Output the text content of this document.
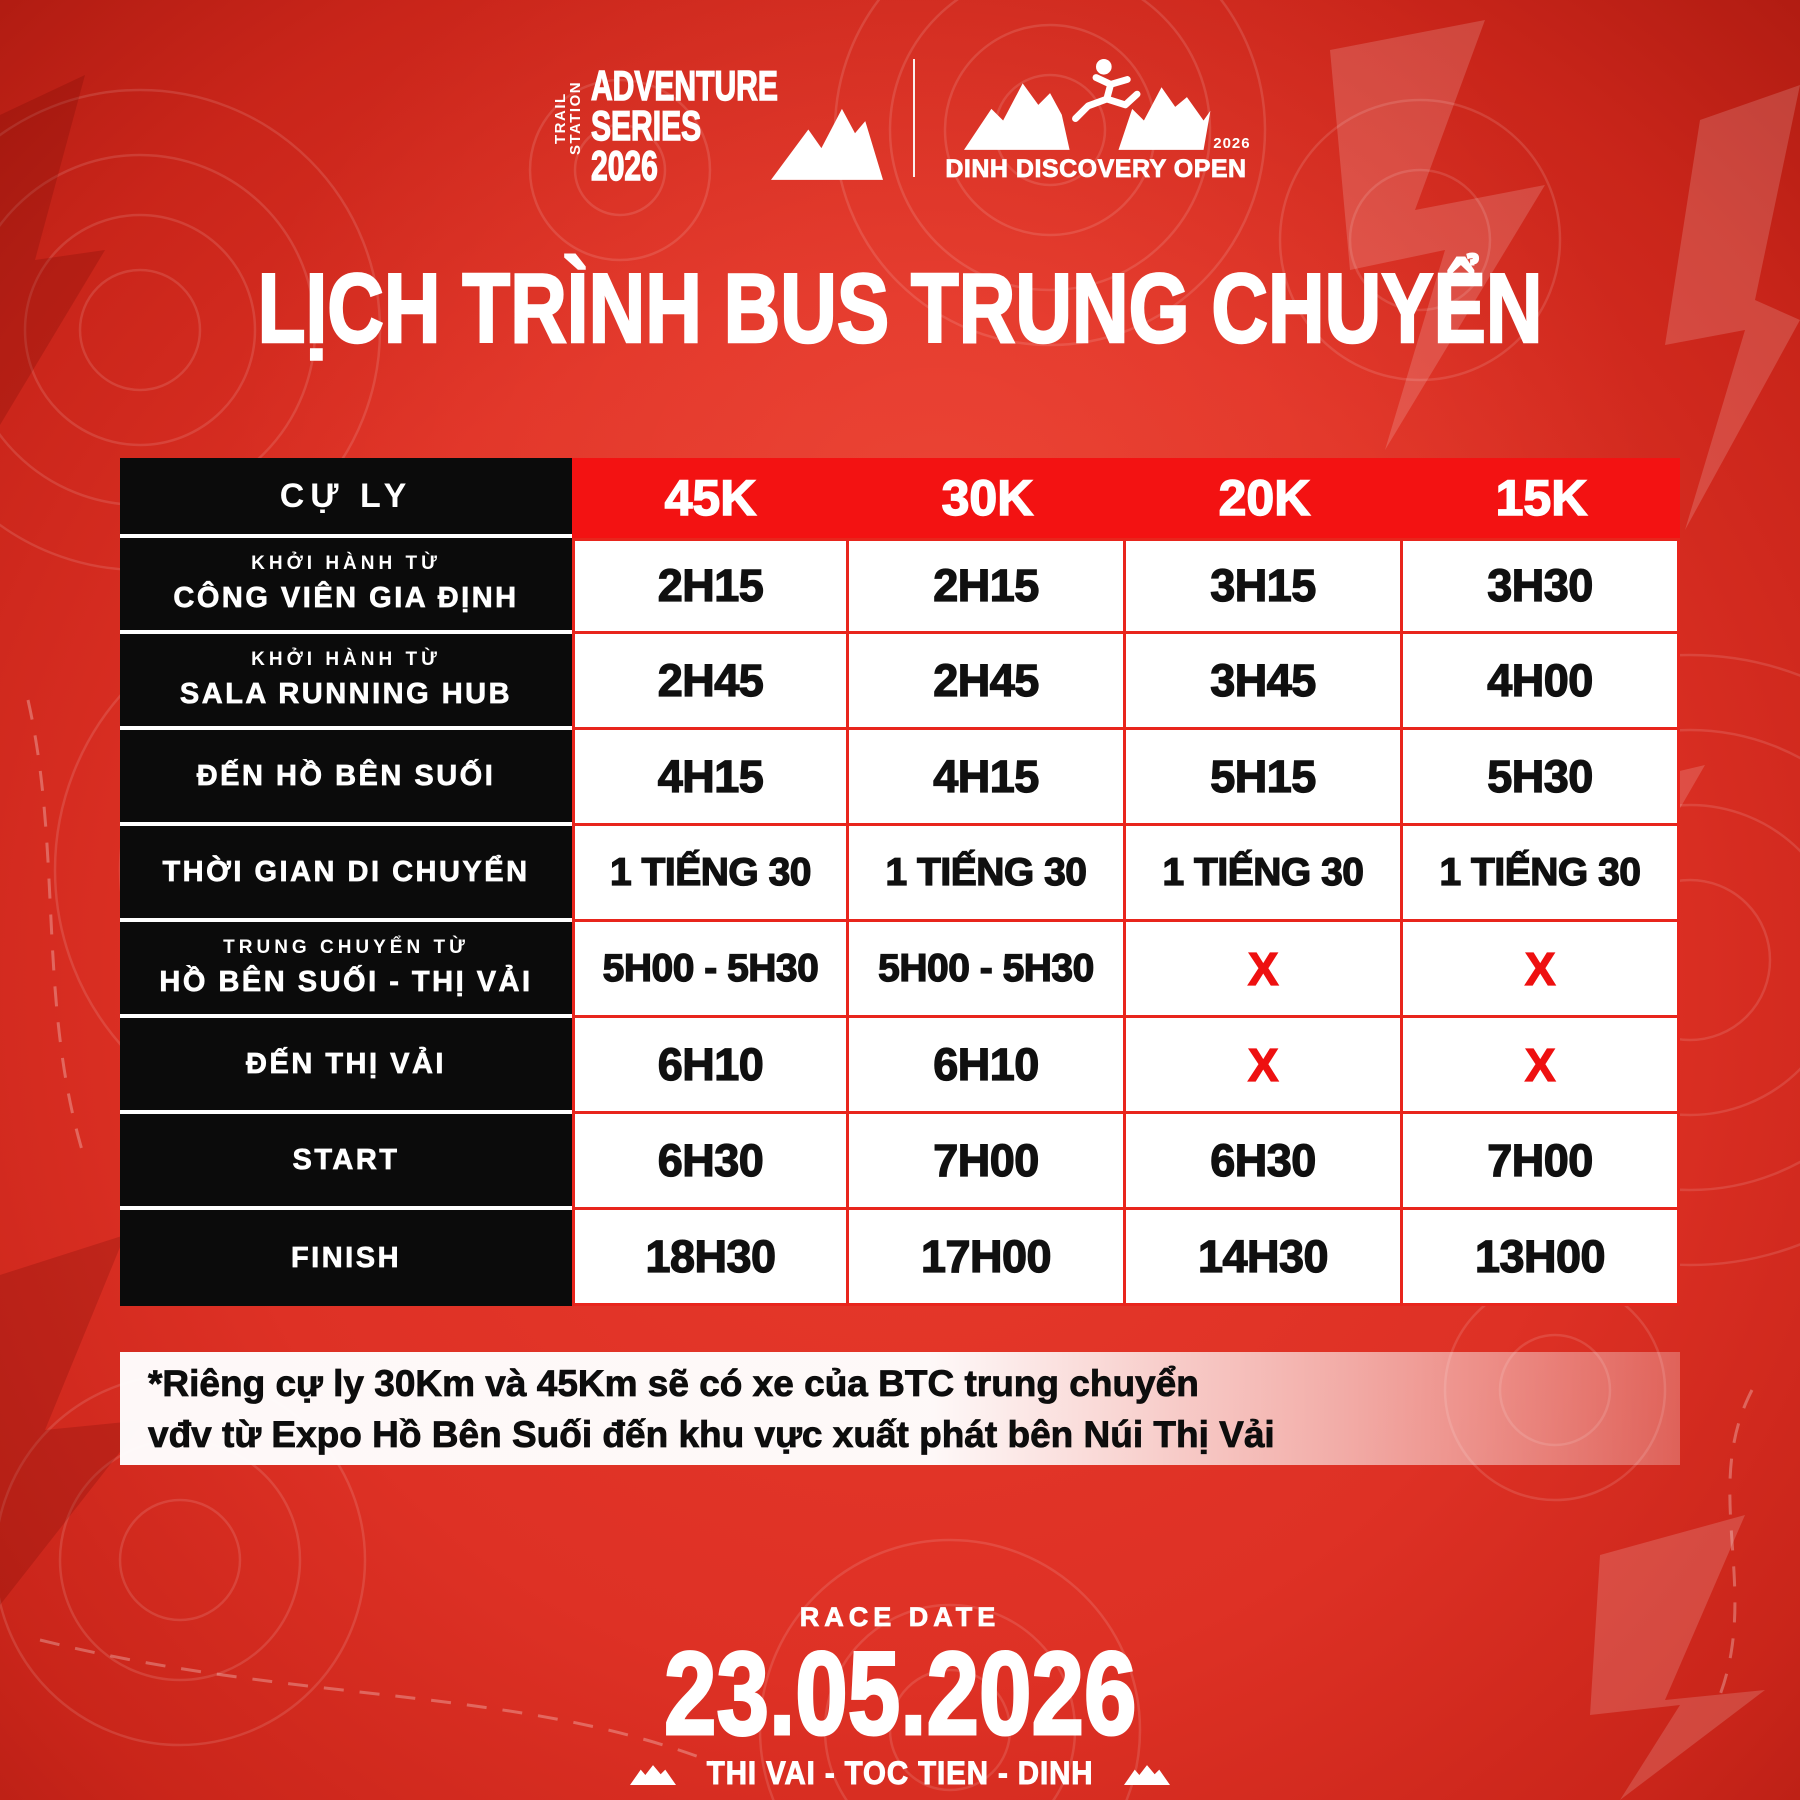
TRAIL STATION ADVENTURE
SERIES
2026	2026
DINH DISCOVERY OPEN
LỊCH TRÌNH BUS TRUNG CHUYỂN
CỰ LY	45K	30K	20K	15K
KHỞI HÀNH TỪ
CÔNG VIÊN GIA ĐỊNH	2H15	2H15	3H15	3H30
KHỞI HÀNH TỪ
SALA RUNNING HUB	2H45	2H45	3H45	4H00
ĐẾN HỒ BÊN SUỐI	4H15	4H15	5H15	5H30
THỜI GIAN DI CHUYỂN	1 TIẾNG 30	1 TIẾNG 30	1 TIẾNG 30	1 TIẾNG 30
TRUNG CHUYỂN TỪ
HỒ BÊN SUỐI - THỊ VẢI	5H00 - 5H30	5H00 - 5H30	X	X
ĐẾN THỊ VẢI	6H10	6H10	X	X
START	6H30	7H00	6H30	7H00
FINISH	18H30	17H00	14H30	13H00

*Riêng cự ly 30Km và 45Km sẽ có xe của BTC trung chuyển

vđv từ Expo Hồ Bên Suối đến khu vực xuất phát bên Núi Thị Vải

RACE DATE
23.05.2026
THI VAI - TOC TIEN - DINH
